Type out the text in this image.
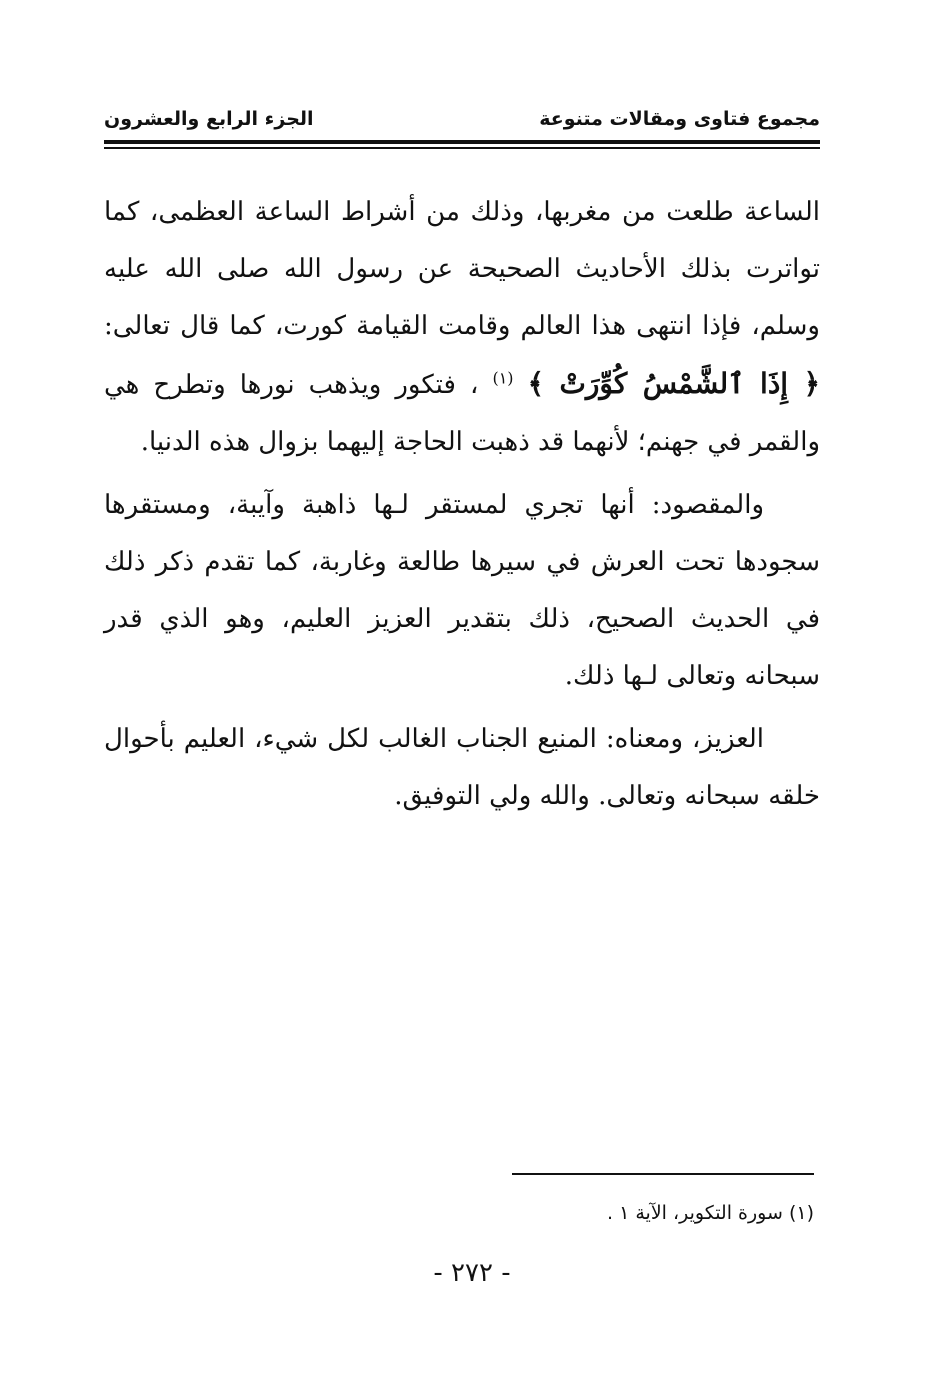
مجموع فتاوى ومقالات متنوعة
الجزء الرابع والعشرون

الساعة طلعت من مغربها، وذلك من أشراط الساعة العظمى، كما تواترت بذلك الأحاديث الصحيحة عن رسول الله صلى الله عليه وسلم، فإذا انتهى هذا العالم وقامت القيامة كورت، كما قال تعالى: ﴿ إِذَا ٱلشَّمْسُ كُوِّرَتْ ﴾ $^{(١)}$ ، فتكور ويذهب نورها وتطرح هي والقمر في جهنم؛ لأنهما قد ذهبت الحاجة إليهما بزوال هذه الدنيا.

والمقصود: أنها تجري لمستقر لـها ذاهبة وآيبة، ومستقرها سجودها تحت العرش في سيرها طالعة وغاربة، كما تقدم ذكر ذلك في الحديث الصحيح، ذلك بتقدير العزيز العليم، وهو الذي قدر سبحانه وتعالى لـها ذلك.

العزيز، ومعناه: المنيع الجناب الغالب لكل شيء، العليم بأحوال خلقه سبحانه وتعالى. والله ولي التوفيق.

(١) سورة التكوير، الآية ١ .
- ٢٧٢ -
